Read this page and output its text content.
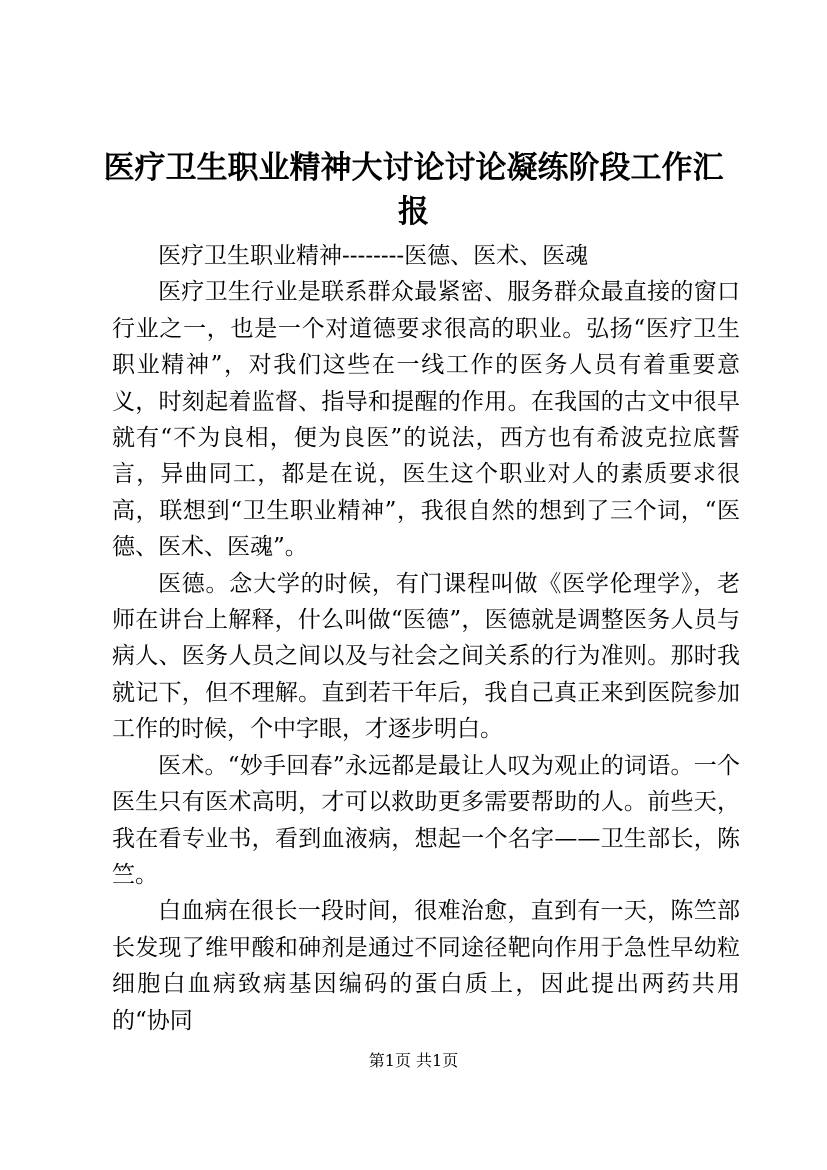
医疗卫生职业精神大讨论讨论凝练阶段工作汇报

医疗卫生职业精神--------医德、医术、医魂

医疗卫生行业是联系群众最紧密、服务群众最直接的窗口行业之一，也是一个对道德要求很高的职业。弘扬“医疗卫生职业精神”，对我们这些在一线工作的医务人员有着重要意义，时刻起着监督、指导和提醒的作用。在我国的古文中很早就有“不为良相，便为良医”的说法，西方也有希波克拉底誓言，异曲同工，都是在说，医生这个职业对人的素质要求很高，联想到“卫生职业精神”，我很自然的想到了三个词，“医德、医术、医魂”。

医德。念大学的时候，有门课程叫做《医学伦理学》，老师在讲台上解释，什么叫做“医德”，医德就是调整医务人员与病人、医务人员之间以及与社会之间关系的行为准则。那时我就记下，但不理解。直到若干年后，我自己真正来到医院参加工作的时候，个中字眼，才逐步明白。

医术。“妙手回春”永远都是最让人叹为观止的词语。一个医生只有医术高明，才可以救助更多需要帮助的人。前些天，我在看专业书，看到血液病，想起一个名字——卫生部长，陈竺。

白血病在很长一段时间，很难治愈，直到有一天，陈竺部长发现了维甲酸和砷剂是通过不同途径靶向作用于急性早幼粒细胞白血病致病基因编码的蛋白质上，因此提出两药共用的“协同

第1页 共1页
